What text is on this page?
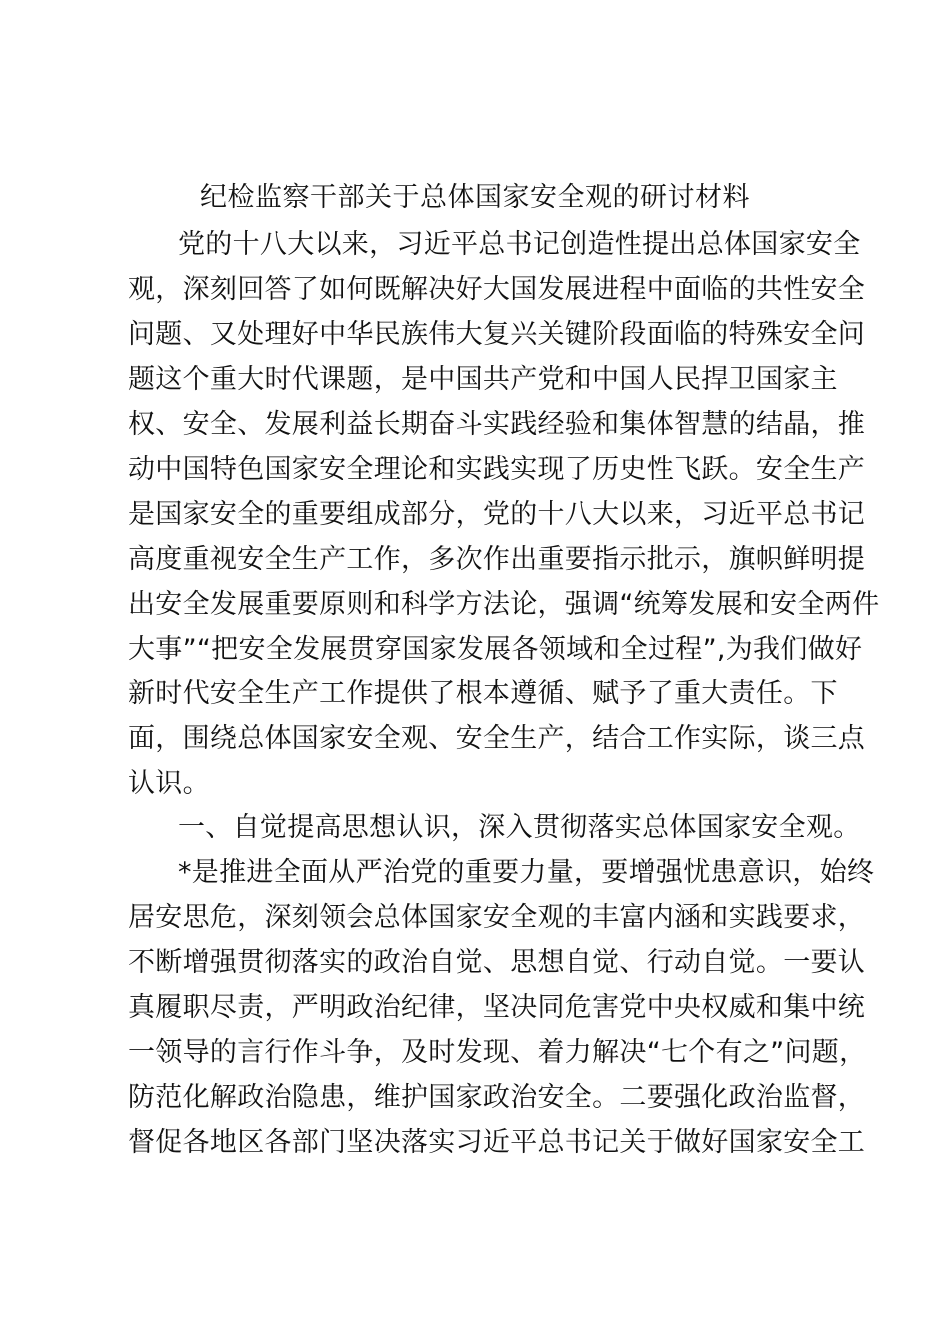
纪检监察干部关于总体国家安全观的研讨材料
党的十八大以来，习近平总书记创造性提出总体国家安全
观，深刻回答了如何既解决好大国发展进程中面临的共性安全
问题、又处理好中华民族伟大复兴关键阶段面临的特殊安全问
题这个重大时代课题，是中国共产党和中国人民捍卫国家主
权、安全、发展利益长期奋斗实践经验和集体智慧的结晶，推
动中国特色国家安全理论和实践实现了历史性飞跃。安全生产
是国家安全的重要组成部分，党的十八大以来，习近平总书记
高度重视安全生产工作，多次作出重要指示批示，旗帜鲜明提
出安全发展重要原则和科学方法论，强调“统筹发展和安全两件
大事”“把安全发展贯穿国家发展各领域和全过程”,为我们做好
新时代安全生产工作提供了根本遵循、赋予了重大责任。下
面，围绕总体国家安全观、安全生产，结合工作实际，谈三点
认识。
一、自觉提高思想认识，深入贯彻落实总体国家安全观。
*是推进全面从严治党的重要力量，要增强忧患意识，始终
居安思危，深刻领会总体国家安全观的丰富内涵和实践要求，
不断增强贯彻落实的政治自觉、思想自觉、行动自觉。一要认
真履职尽责，严明政治纪律，坚决同危害党中央权威和集中统
一领导的言行作斗争，及时发现、着力解决“七个有之”问题，
防范化解政治隐患，维护国家政治安全。二要强化政治监督，
督促各地区各部门坚决落实习近平总书记关于做好国家安全工
